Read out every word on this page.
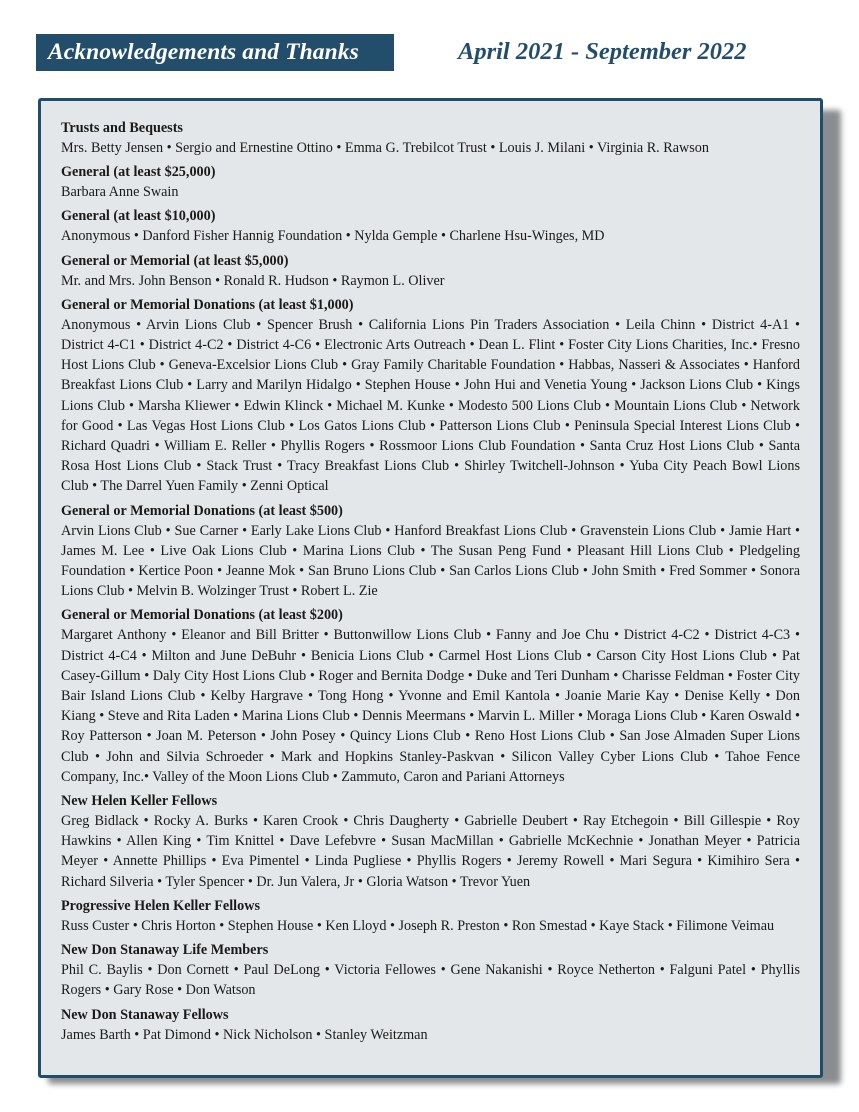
Acknowledgements and Thanks	April 2021 - September 2022

Trusts and Bequests

Mrs. Betty Jensen • Sergio and Ernestine Ottino • Emma G. Trebilcot Trust • Louis J. Milani • Virginia R. Rawson

General (at least $25,000)

Barbara Anne Swain

General (at least $10,000)

Anonymous • Danford Fisher Hannig Foundation • Nylda Gemple • Charlene Hsu-Winges, MD

General or Memorial (at least $5,000)

Mr. and Mrs. John Benson • Ronald R. Hudson • Raymon L. Oliver

General or Memorial Donations (at least $1,000)

Anonymous • Arvin Lions Club • Spencer Brush • California Lions Pin Traders Association • Leila Chinn • District 4-A1 • District 4-C1 • District 4-C2 • District 4-C6 • Electronic Arts Outreach • Dean L. Flint • Foster City Lions Charities, Inc.• Fresno Host Lions Club • Geneva-Excelsior Lions Club • Gray Family Charitable Foundation • Habbas, Nasseri & Associates • Hanford Breakfast Lions Club • Larry and Marilyn Hidalgo • Stephen House • John Hui and Venetia Young • Jackson Lions Club • Kings Lions Club • Marsha Kliewer • Edwin Klinck • Michael M. Kunke • Modesto 500 Lions Club • Mountain Lions Club • Network for Good • Las Vegas Host Lions Club • Los Gatos Lions Club • Patterson Lions Club • Peninsula Special Interest Lions Club • Richard Quadri • William E. Reller • Phyllis Rogers • Rossmoor Lions Club Foundation • Santa Cruz Host Lions Club • Santa Rosa Host Lions Club • Stack Trust • Tracy Breakfast Lions Club • Shirley Twitchell-Johnson • Yuba City Peach Bowl Lions Club • The Darrel Yuen Family • Zenni Optical

General or Memorial Donations (at least $500)

Arvin Lions Club • Sue Carner • Early Lake Lions Club • Hanford Breakfast Lions Club • Gravenstein Lions Club • Jamie Hart • James M. Lee • Live Oak Lions Club • Marina Lions Club • The Susan Peng Fund • Pleasant Hill Lions Club • Pledgeling Foundation • Kertice Poon • Jeanne Mok • San Bruno Lions Club • San Carlos Lions Club • John Smith • Fred Sommer • Sonora Lions Club • Melvin B. Wolzinger Trust • Robert L. Zie

General or Memorial Donations (at least $200)

Margaret Anthony • Eleanor and Bill Britter • Buttonwillow Lions Club • Fanny and Joe Chu • District 4-C2 • District 4-C3 • District 4-C4 • Milton and June DeBuhr • Benicia Lions Club • Carmel Host Lions Club • Carson City Host Lions Club • Pat Casey-Gillum • Daly City Host Lions Club • Roger and Bernita Dodge • Duke and Teri Dunham • Charisse Feldman • Foster City Bair Island Lions Club • Kelby Hargrave • Tong Hong • Yvonne and Emil Kantola • Joanie Marie Kay • Denise Kelly • Don Kiang • Steve and Rita Laden • Marina Lions Club • Dennis Meermans • Marvin L. Miller • Moraga Lions Club • Karen Oswald • Roy Patterson • Joan M. Peterson • John Posey • Quincy Lions Club • Reno Host Lions Club • San Jose Almaden Super Lions Club • John and Silvia Schroeder • Mark and Hopkins Stanley-Paskvan • Silicon Valley Cyber Lions Club • Tahoe Fence Company, Inc.• Valley of the Moon Lions Club • Zammuto, Caron and Pariani Attorneys

New Helen Keller Fellows

Greg Bidlack • Rocky A. Burks • Karen Crook • Chris Daugherty • Gabrielle Deubert • Ray Etchegoin • Bill Gillespie • Roy Hawkins • Allen King • Tim Knittel • Dave Lefebvre • Susan MacMillan • Gabrielle McKechnie • Jonathan Meyer • Patricia Meyer • Annette Phillips • Eva Pimentel • Linda Pugliese • Phyllis Rogers • Jeremy Rowell • Mari Segura • Kimihiro Sera • Richard Silveria • Tyler Spencer • Dr. Jun Valera, Jr • Gloria Watson • Trevor Yuen

Progressive Helen Keller Fellows

Russ Custer • Chris Horton • Stephen House • Ken Lloyd • Joseph R. Preston • Ron Smestad • Kaye Stack • Filimone Veimau

New Don Stanaway Life Members

Phil C. Baylis • Don Cornett • Paul DeLong • Victoria Fellowes • Gene Nakanishi • Royce Netherton • Falguni Patel • Phyllis Rogers • Gary Rose • Don Watson

New Don Stanaway Fellows

James Barth • Pat Dimond • Nick Nicholson • Stanley Weitzman
